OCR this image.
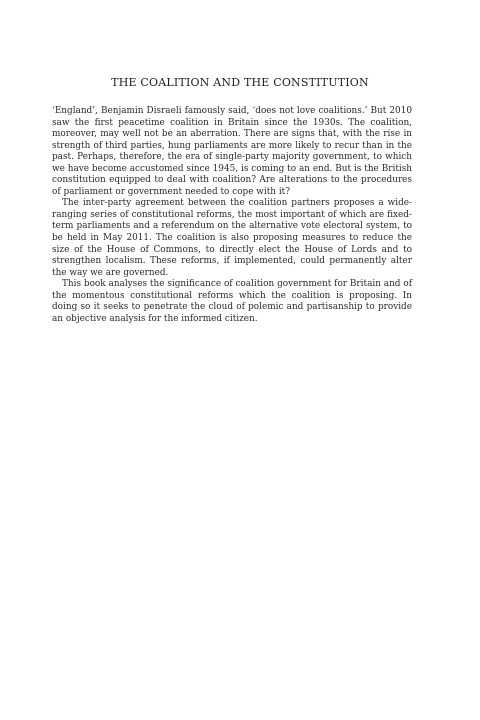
THE COALITION AND THE CONSTITUTION

‘England’, Benjamin Disraeli famously said, ‘does not love coalitions.’ But 2010 saw the first peacetime coalition in Britain since the 1930s. The coalition, moreover, may well not be an aberration. There are signs that, with the rise in strength of third parties, hung parliaments are more likely to recur than in the past. Perhaps, therefore, the era of single-party majority government, to which we have become accustomed since 1945, is coming to an end. But is the British constitution equipped to deal with coalition? Are alterations to the procedures of parliament or government needed to cope with it?

The inter-party agreement between the coalition partners proposes a wideranging series of constitutional reforms, the most important of which are fixedterm parliaments and a referendum on the alternative vote electoral system, to be held in May 2011. The coalition is also proposing measures to reduce the size of the House of Commons, to directly elect the House of Lords and to strengthen localism. These reforms, if implemented, could permanently alter the way we are governed.

This book analyses the significance of coalition government for Britain and of the momentous constitutional reforms which the coalition is proposing. In doing so it seeks to penetrate the cloud of polemic and partisanship to provide an objective analysis for the informed citizen.
